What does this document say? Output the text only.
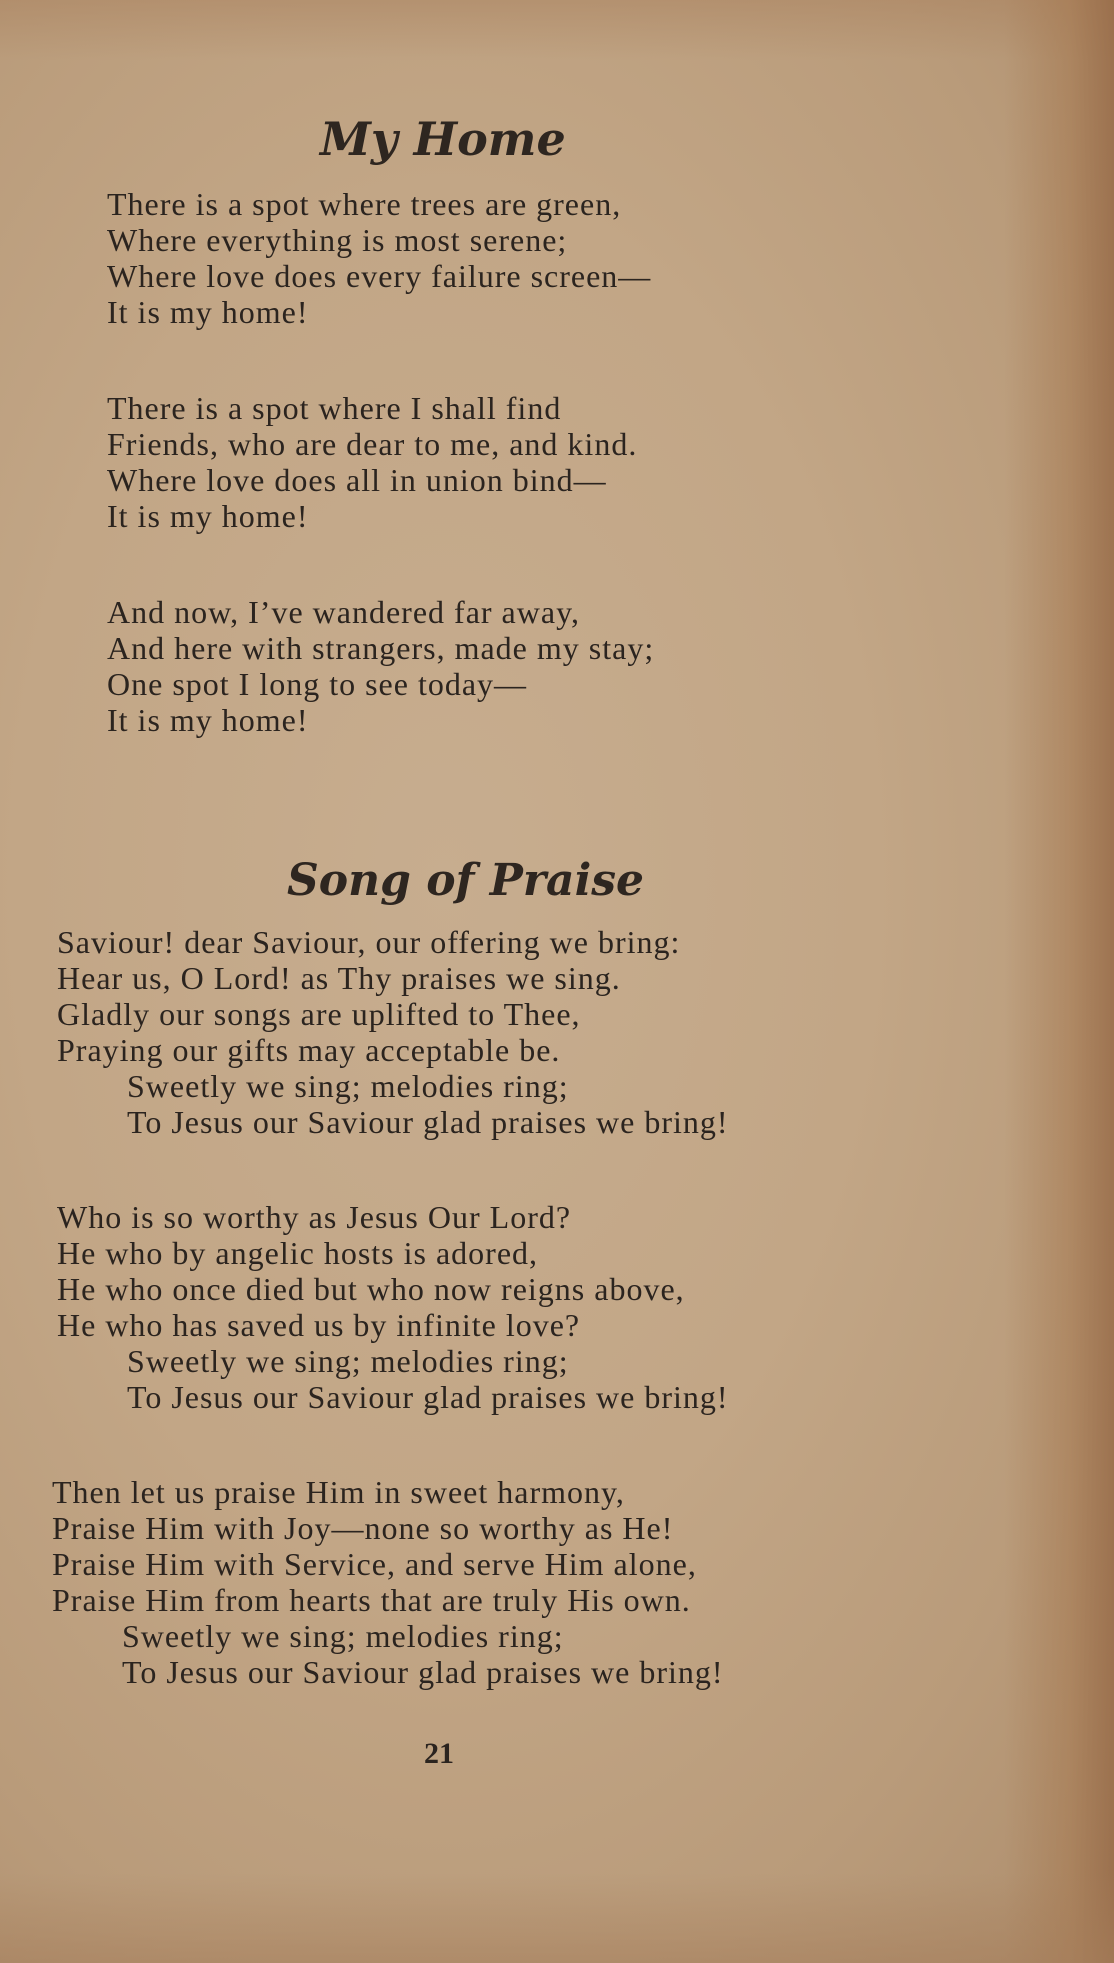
My Home
There is a spot where trees are green,
Where everything is most serene;
Where love does every failure screen—
It is my home!
There is a spot where I shall find
Friends, who are dear to me, and kind.
Where love does all in union bind—
It is my home!
And now, I’ve wandered far away,
And here with strangers, made my stay;
One spot I long to see today—
It is my home!
Song of Praise
Saviour! dear Saviour, our offering we bring:
Hear us, O Lord! as Thy praises we sing.
Gladly our songs are uplifted to Thee,
Praying our gifts may acceptable be.
Sweetly we sing; melodies ring;
To Jesus our Saviour glad praises we bring!
Who is so worthy as Jesus Our Lord?
He who by angelic hosts is adored,
He who once died but who now reigns above,
He who has saved us by infinite love?
Sweetly we sing; melodies ring;
To Jesus our Saviour glad praises we bring!
Then let us praise Him in sweet harmony,
Praise Him with Joy—none so worthy as He!
Praise Him with Service, and serve Him alone,
Praise Him from hearts that are truly His own.
Sweetly we sing; melodies ring;
To Jesus our Saviour glad praises we bring!
21
